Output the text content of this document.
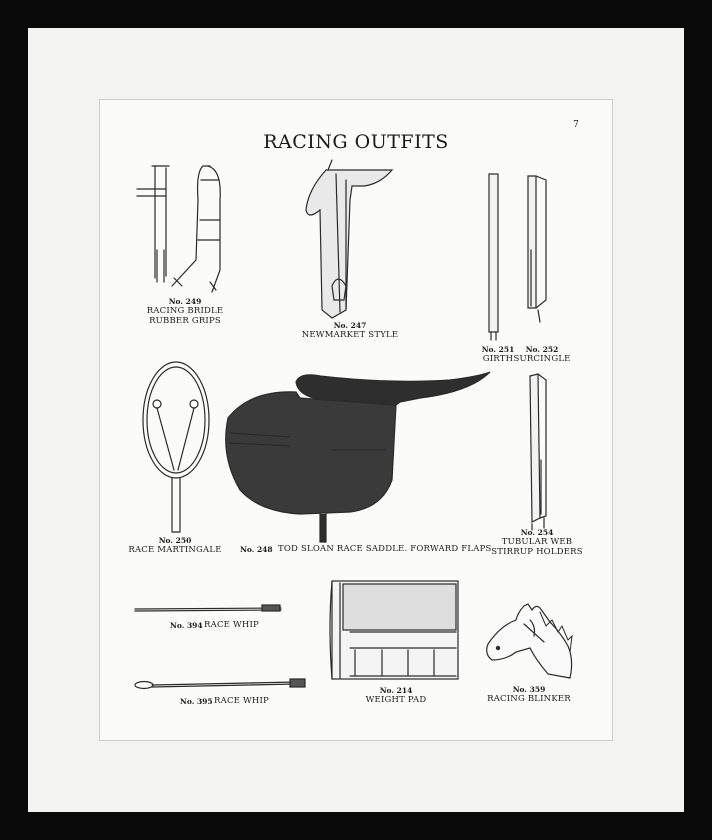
RACING OUTFITS
7
No. 249
RACING BRIDLE
RUBBER GRIPS	No. 247
NEWMARKET STYLE
No. 251
GIRTH
No. 252
SURCINGLE
No. 250
RACE MARTINGALE	No. 248 TOD SLOAN RACE SADDLE. FORWARD FLAPS
No. 254
TUBULAR WEB
STIRRUP HOLDERS
No. 394 RACE WHIP
No. 395 RACE WHIP
No. 214
WEIGHT PAD
No. 359
RACING BLINKER
